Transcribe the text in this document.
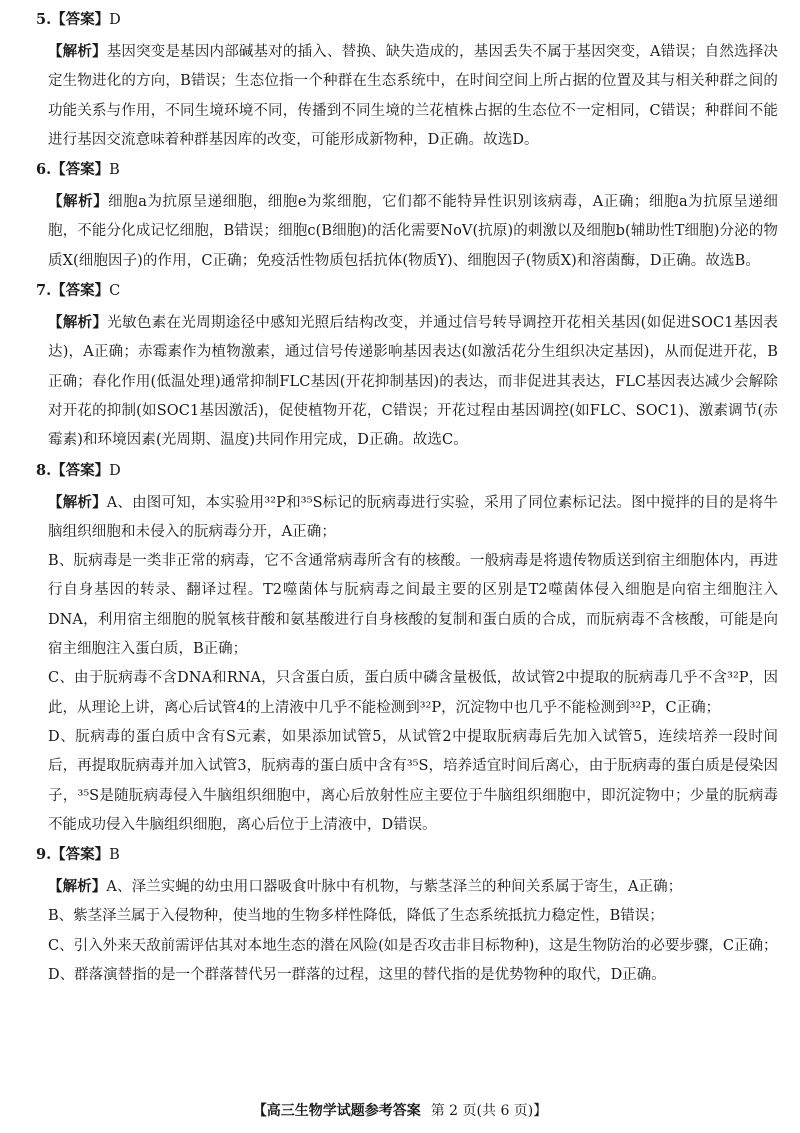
5.【答案】D

【解析】基因突变是基因内部碱基对的插入、替换、缺失造成的，基因丢失不属于基因突变，A错误；自然选择决定生物进化的方向，B错误；生态位指一个种群在生态系统中，在时间空间上所占据的位置及其与相关种群之间的功能关系与作用，不同生境环境不同，传播到不同生境的兰花植株占据的生态位不一定相同，C错误；种群间不能进行基因交流意味着种群基因库的改变，可能形成新物种，D正确。故选D。

6.【答案】B

【解析】细胞a为抗原呈递细胞，细胞e为浆细胞，它们都不能特异性识别该病毒，A正确；细胞a为抗原呈递细胞，不能分化成记忆细胞，B错误；细胞c(B细胞)的活化需要NoV(抗原)的刺激以及细胞b(辅助性T细胞)分泌的物质X(细胞因子)的作用，C正确；免疫活性物质包括抗体(物质Y)、细胞因子(物质X)和溶菌酶，D正确。故选B。

7.【答案】C

【解析】光敏色素在光周期途径中感知光照后结构改变，并通过信号转导调控开花相关基因(如促进SOC1基因表达)，A正确；赤霉素作为植物激素，通过信号传递影响基因表达(如激活花分生组织决定基因)，从而促进开花，B正确；春化作用(低温处理)通常抑制FLC基因(开花抑制基因)的表达，而非促进其表达，FLC基因表达减少会解除对开花的抑制(如SOC1基因激活)，促使植物开花，C错误；开花过程由基因调控(如FLC、SOC1)、激素调节(赤霉素)和环境因素(光周期、温度)共同作用完成，D正确。故选C。

8.【答案】D

【解析】A、由图可知，本实验用³²P和³⁵S标记的朊病毒进行实验，采用了同位素标记法。图中搅拌的目的是将牛脑组织细胞和未侵入的朊病毒分开，A正确；

B、朊病毒是一类非正常的病毒，它不含通常病毒所含有的核酸。一般病毒是将遗传物质送到宿主细胞体内，再进行自身基因的转录、翻译过程。T2噬菌体与朊病毒之间最主要的区别是T2噬菌体侵入细胞是向宿主细胞注入DNA，利用宿主细胞的脱氧核苷酸和氨基酸进行自身核酸的复制和蛋白质的合成，而朊病毒不含核酸，可能是向宿主细胞注入蛋白质，B正确；

C、由于朊病毒不含DNA和RNA，只含蛋白质，蛋白质中磷含量极低，故试管2中提取的朊病毒几乎不含³²P，因此，从理论上讲，离心后试管4的上清液中几乎不能检测到³²P，沉淀物中也几乎不能检测到³²P，C正确；

D、朊病毒的蛋白质中含有S元素，如果添加试管5，从试管2中提取朊病毒后先加入试管5，连续培养一段时间后，再提取朊病毒并加入试管3，朊病毒的蛋白质中含有³⁵S，培养适宜时间后离心，由于朊病毒的蛋白质是侵染因子，³⁵S是随朊病毒侵入牛脑组织细胞中，离心后放射性应主要位于牛脑组织细胞中，即沉淀物中；少量的朊病毒不能成功侵入牛脑组织细胞，离心后位于上清液中，D错误。

9.【答案】B

【解析】A、泽兰实蝇的幼虫用口器吸食叶脉中有机物，与紫茎泽兰的种间关系属于寄生，A正确；

B、紫茎泽兰属于入侵物种，使当地的生物多样性降低，降低了生态系统抵抗力稳定性，B错误；

C、引入外来天敌前需评估其对本地生态的潜在风险(如是否攻击非目标物种)，这是生物防治的必要步骤，C正确；

D、群落演替指的是一个群落替代另一群落的过程，这里的替代指的是优势物种的取代，D正确。

【高三生物学试题参考答案 第 2 页(共 6 页)】
